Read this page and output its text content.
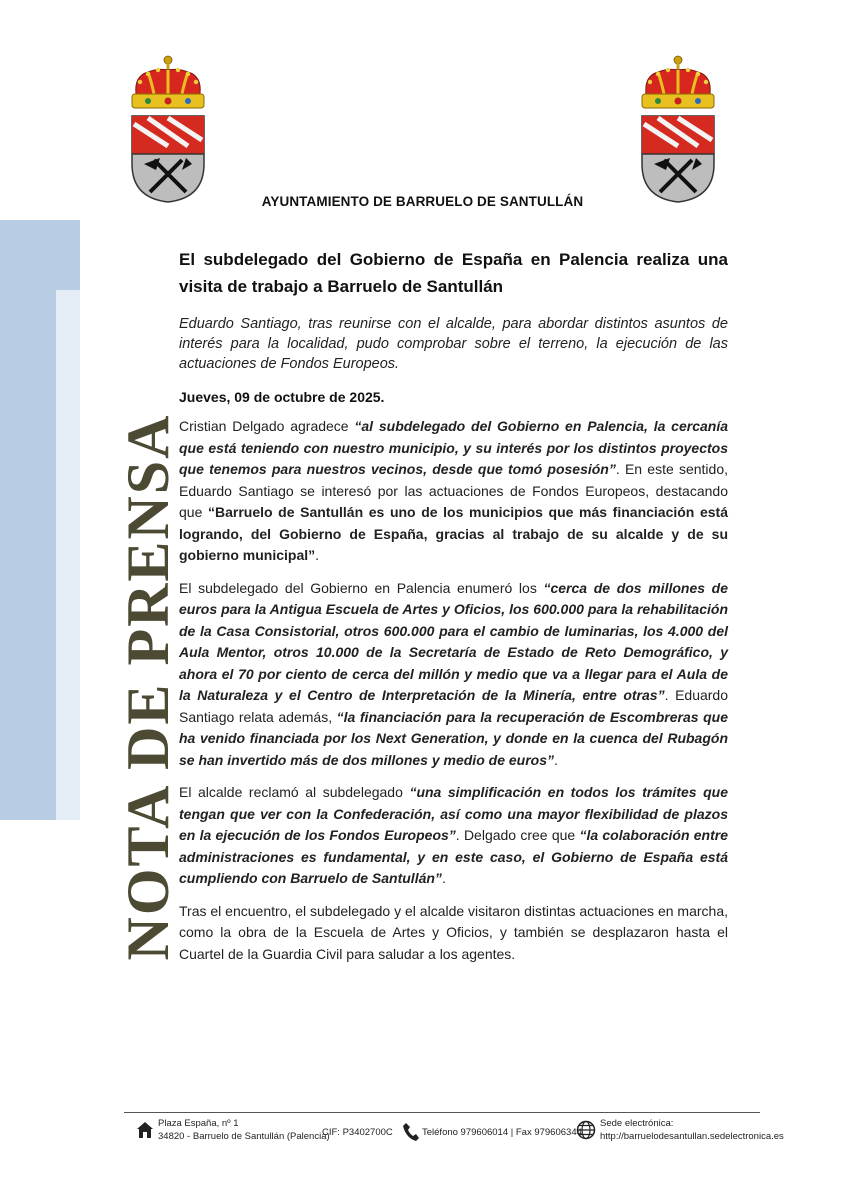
AYUNTAMIENTO DE BARRUELO DE SANTULLÁN
NOTA DE PRENSA
El subdelegado del Gobierno de España en Palencia realiza una visita de trabajo a Barruelo de Santullán

Eduardo Santiago, tras reunirse con el alcalde, para abordar distintos asuntos de interés para la localidad, pudo comprobar sobre el terreno, la ejecución de las actuaciones de Fondos Europeos.

Jueves, 09 de octubre de 2025.

Cristian Delgado agradece “al subdelegado del Gobierno en Palencia, la cercanía que está teniendo con nuestro municipio, y su interés por los distintos proyectos que tenemos para nuestros vecinos, desde que tomó posesión”. En este sentido, Eduardo Santiago se interesó por las actuaciones de Fondos Europeos, destacando que “Barruelo de Santullán es uno de los municipios que más financiación está logrando, del Gobierno de España, gracias al trabajo de su alcalde y de su gobierno municipal”.

El subdelegado del Gobierno en Palencia enumeró los “cerca de dos millones de euros para la Antigua Escuela de Artes y Oficios, los 600.000 para la rehabilitación de la Casa Consistorial, otros 600.000 para el cambio de luminarias, los 4.000 del Aula Mentor, otros 10.000 de la Secretaría de Estado de Reto Demográfico, y ahora el 70 por ciento de cerca del millón y medio que va a llegar para el Aula de la Naturaleza y el Centro de Interpretación de la Minería, entre otras”. Eduardo Santiago relata además, “la financiación para la recuperación de Escombreras que ha venido financiada por los Next Generation, y donde en la cuenca del Rubagón se han invertido más de dos millones y medio de euros”.

El alcalde reclamó al subdelegado “una simplificación en todos los trámites que tengan que ver con la Confederación, así como una mayor flexibilidad de plazos en la ejecución de los Fondos Europeos”. Delgado cree que “la colaboración entre administraciones es fundamental, y en este caso, el Gobierno de España está cumpliendo con Barruelo de Santullán”.

Tras el encuentro, el subdelegado y el alcalde visitaron distintas actuaciones en marcha, como la obra de la Escuela de Artes y Oficios, y también se desplazaron hasta el Cuartel de la Guardia Civil para saludar a los agentes.

Plaza España, nº 1
34820 - Barruelo de Santullán (Palencia)
CIF: P3402700C	Teléfono 979606014 | Fax 979606344
Sede electrónica:
http://barruelodesantullan.sedelectronica.es
